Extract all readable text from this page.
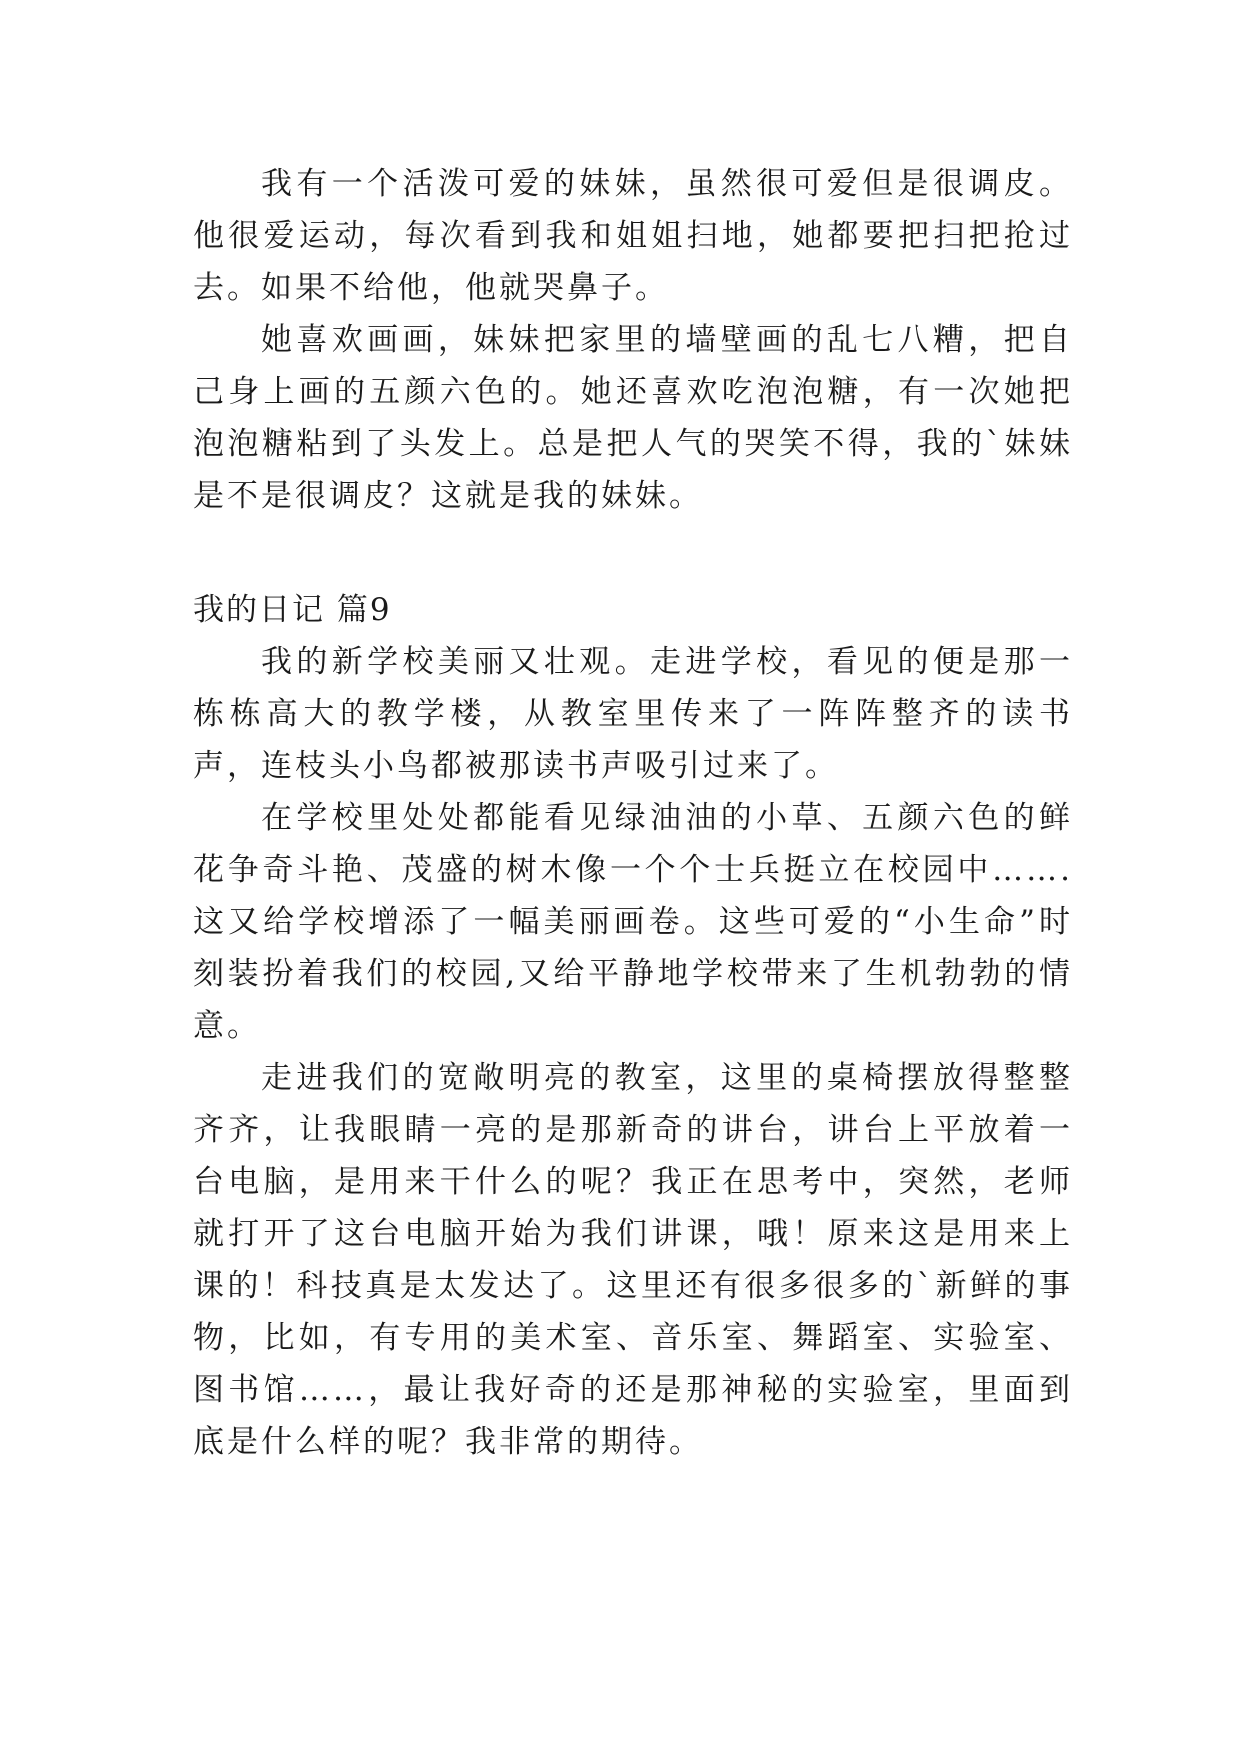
我有一个活泼可爱的妹妹，虽然很可爱但是很调皮。他很爱运动，每次看到我和姐姐扫地，她都要把扫把抢过去。如果不给他，他就哭鼻子。

她喜欢画画，妹妹把家里的墙壁画的乱七八糟，把自己身上画的五颜六色的。她还喜欢吃泡泡糖，有一次她把泡泡糖粘到了头发上。总是把人气的哭笑不得，我的`妹妹是不是很调皮？这就是我的妹妹。

我的日记 篇9

我的新学校美丽又壮观。走进学校，看见的便是那一栋栋高大的教学楼，从教室里传来了一阵阵整齐的读书声，连枝头小鸟都被那读书声吸引过来了。

在学校里处处都能看见绿油油的小草、五颜六色的鲜花争奇斗艳、茂盛的树木像一个个士兵挺立在校园中…….这又给学校增添了一幅美丽画卷。这些可爱的“小生命”时刻装扮着我们的校园,又给平静地学校带来了生机勃勃的情意。

走进我们的宽敞明亮的教室，这里的桌椅摆放得整整齐齐，让我眼睛一亮的是那新奇的讲台，讲台上平放着一台电脑，是用来干什么的呢？我正在思考中，突然，老师就打开了这台电脑开始为我们讲课，哦！原来这是用来上课的！科技真是太发达了。这里还有很多很多的`新鲜的事物，比如，有专用的美术室、音乐室、舞蹈室、实验室、图书馆……，最让我好奇的还是那神秘的实验室，里面到底是什么样的呢？我非常的期待。
